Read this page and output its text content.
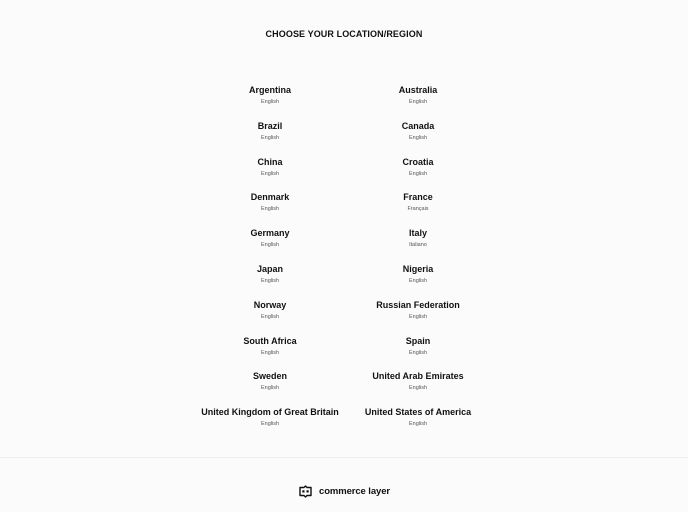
CHOOSE YOUR LOCATION/REGION
Argentina
English
Australia
English
Brazil
English
Canada
English
China
English
Croatia
English
Denmark
English
France
Français
Germany
English
Italy
Italiano
Japan
English
Nigeria
English
Norway
English
Russian Federation
English
South Africa
English
Spain
English
Sweden
English
United Arab Emirates
English
United Kingdom of Great Britain
English
United States of America
English
commerce layer
